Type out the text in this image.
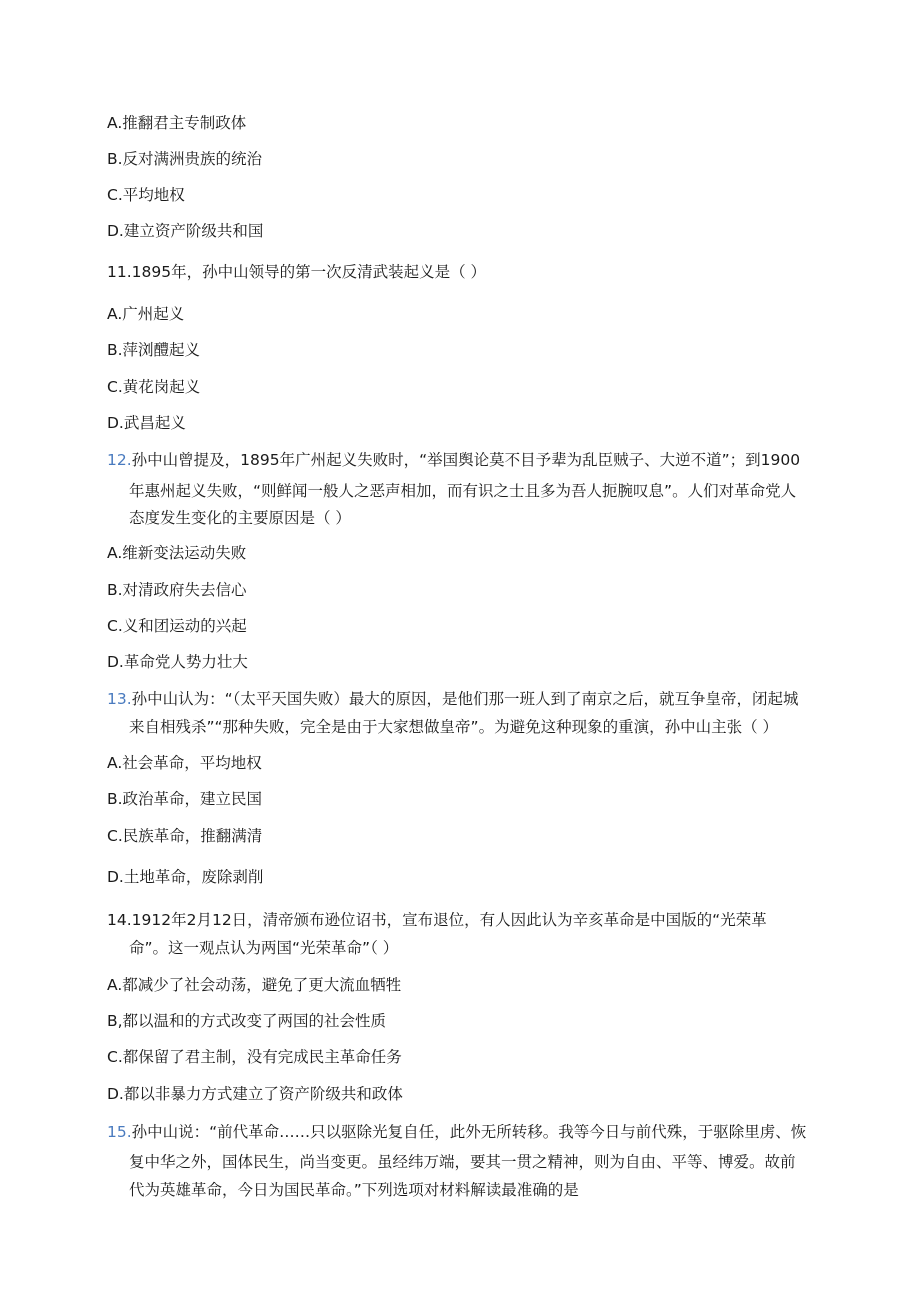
A.推翻君主专制政体
B.反对满洲贵族的统治
C.平均地权
D.建立资产阶级共和国
11.1895年，孙中山领导的第一次反清武装起义是（ ）
A.广州起义
B.萍浏醴起义
C.黄花岗起义
D.武昌起义
12.孙中山曾提及，1895年广州起义失败时，“举国舆论莫不目予辈为乱臣贼子、大逆不道”；到1900
年惠州起义失败，“则鲜闻一般人之恶声相加，而有识之士且多为吾人扼腕叹息”。人们对革命党人
态度发生变化的主要原因是（ ）
A.维新变法运动失败
B.对清政府失去信心
C.义和团运动的兴起
D.革命党人势力壮大
13.孙中山认为：“（太平天国失败）最大的原因，是他们那一班人到了南京之后，就互争皇帝，闭起城
来自相残杀”“那种失败，完全是由于大家想做皇帝”。为避免这种现象的重演，孙中山主张（ ）
A.社会革命，平均地权
B.政治革命，建立民国
C.民族革命，推翻满清
D.土地革命，废除剥削
14.1912年2月12日，清帝颁布逊位诏书，宣布退位，有人因此认为辛亥革命是中国版的“光荣革
命”。这一观点认为两国“光荣革命”（ ）
A.都减少了社会动荡，避免了更大流血牺牲
B,都以温和的方式改变了两国的社会性质
C.都保留了君主制，没有完成民主革命任务
D.都以非暴力方式建立了资产阶级共和政体
15.孙中山说：“前代革命……只以驱除光复自任，此外无所转移。我等今日与前代殊，于驱除里虏、恢
复中华之外，国体民生，尚当变更。虽经纬万端，要其一贯之精神，则为自由、平等、博爱。故前
代为英雄革命，今日为国民革命。”下列选项对材料解读最准确的是
